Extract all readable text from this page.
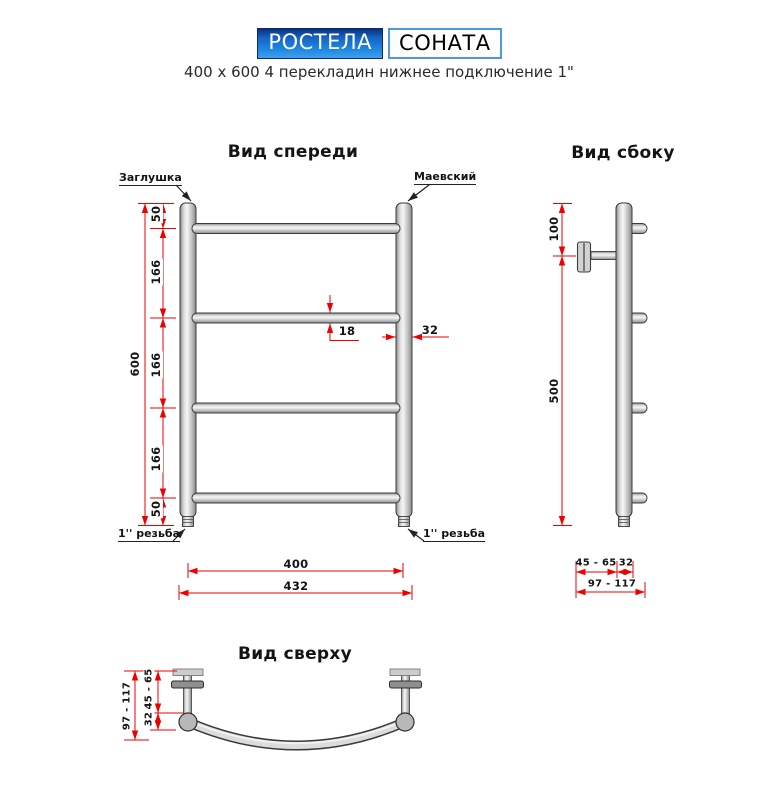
РОСТЕЛА	СОНАТА
400 x 600 4 перекладин нижнее подключение 1"
Вид спереди	Вид сбоку
Вид сверху
Заглушка	Маевский
1'' резьба	1'' резьба
50
166
166
166
50
600
18	32
400
432
100
500
45 - 65 32
97 - 117
97 - 117 45 - 65
32
